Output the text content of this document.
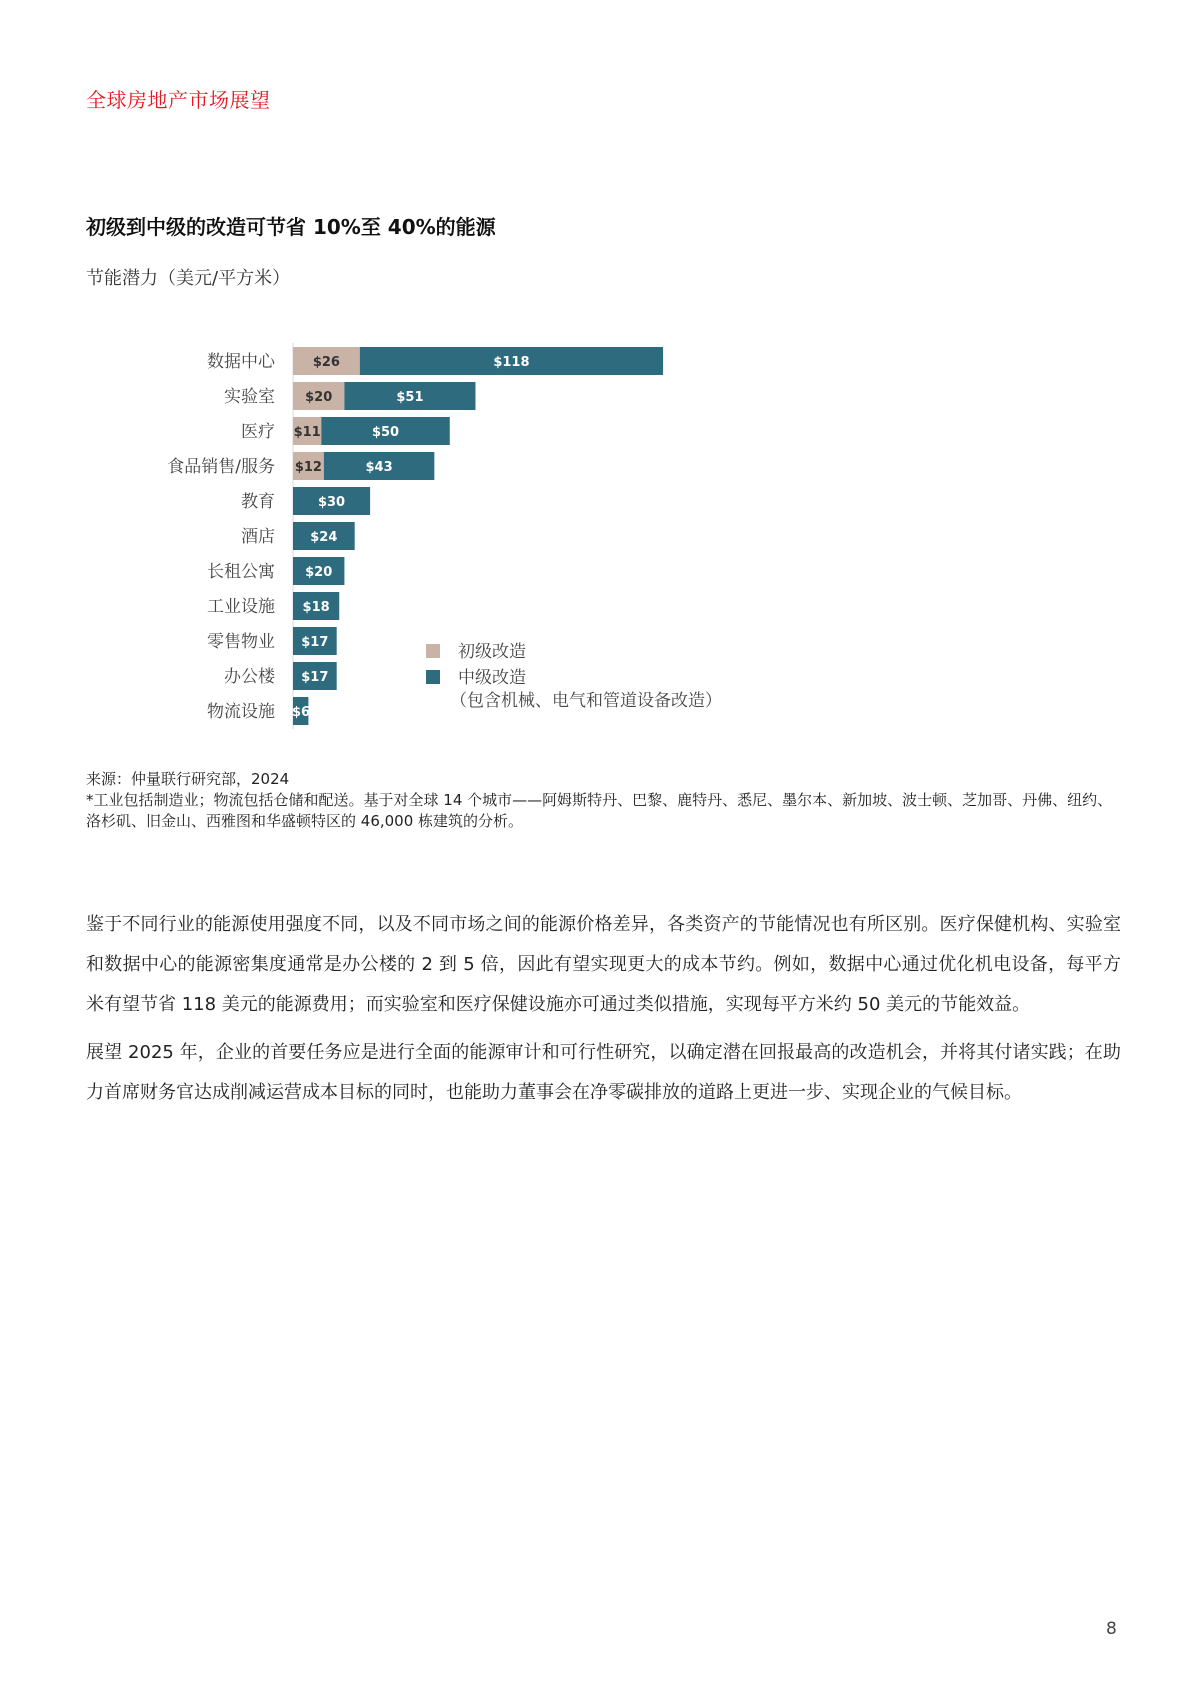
全球房地产市场展望
初级到中级的改造可节省 10%至 40%的能源
节能潜力（美元/平方米）
数据中心	$26	$118
实验室 $20	$51
医疗 $11	$50
食品销售/服务 $12	$43
教育	$30
酒店	$24
长租公寓 $20
工业设施 $18
零售物业 $17
办公楼 $17
物流设施 $6
初级改造
中级改造
（包含机械、电气和管道设备改造）

来源：仲量联行研究部，2024

*工业包括制造业；物流包括仓储和配送。基于对全球 14 个城市——阿姆斯特丹、巴黎、鹿特丹、悉尼、墨尔本、新加坡、波士顿、芝加哥、丹佛、纽约、洛杉矶、旧金山、西雅图和华盛顿特区的 46,000 栋建筑的分析。

鉴于不同行业的能源使用强度不同，以及不同市场之间的能源价格差异，各类资产的节能情况也有所区别。医疗保健机构、实验室和数据中心的能源密集度通常是办公楼的 2 到 5 倍，因此有望实现更大的成本节约。例如，数据中心通过优化机电设备，每平方米有望节省 118 美元的能源费用；而实验室和医疗保健设施亦可通过类似措施，实现每平方米约 50 美元的节能效益。

展望 2025 年，企业的首要任务应是进行全面的能源审计和可行性研究，以确定潜在回报最高的改造机会，并将其付诸实践；在助力首席财务官达成削减运营成本目标的同时，也能助力董事会在净零碳排放的道路上更进一步、实现企业的气候目标。

8
